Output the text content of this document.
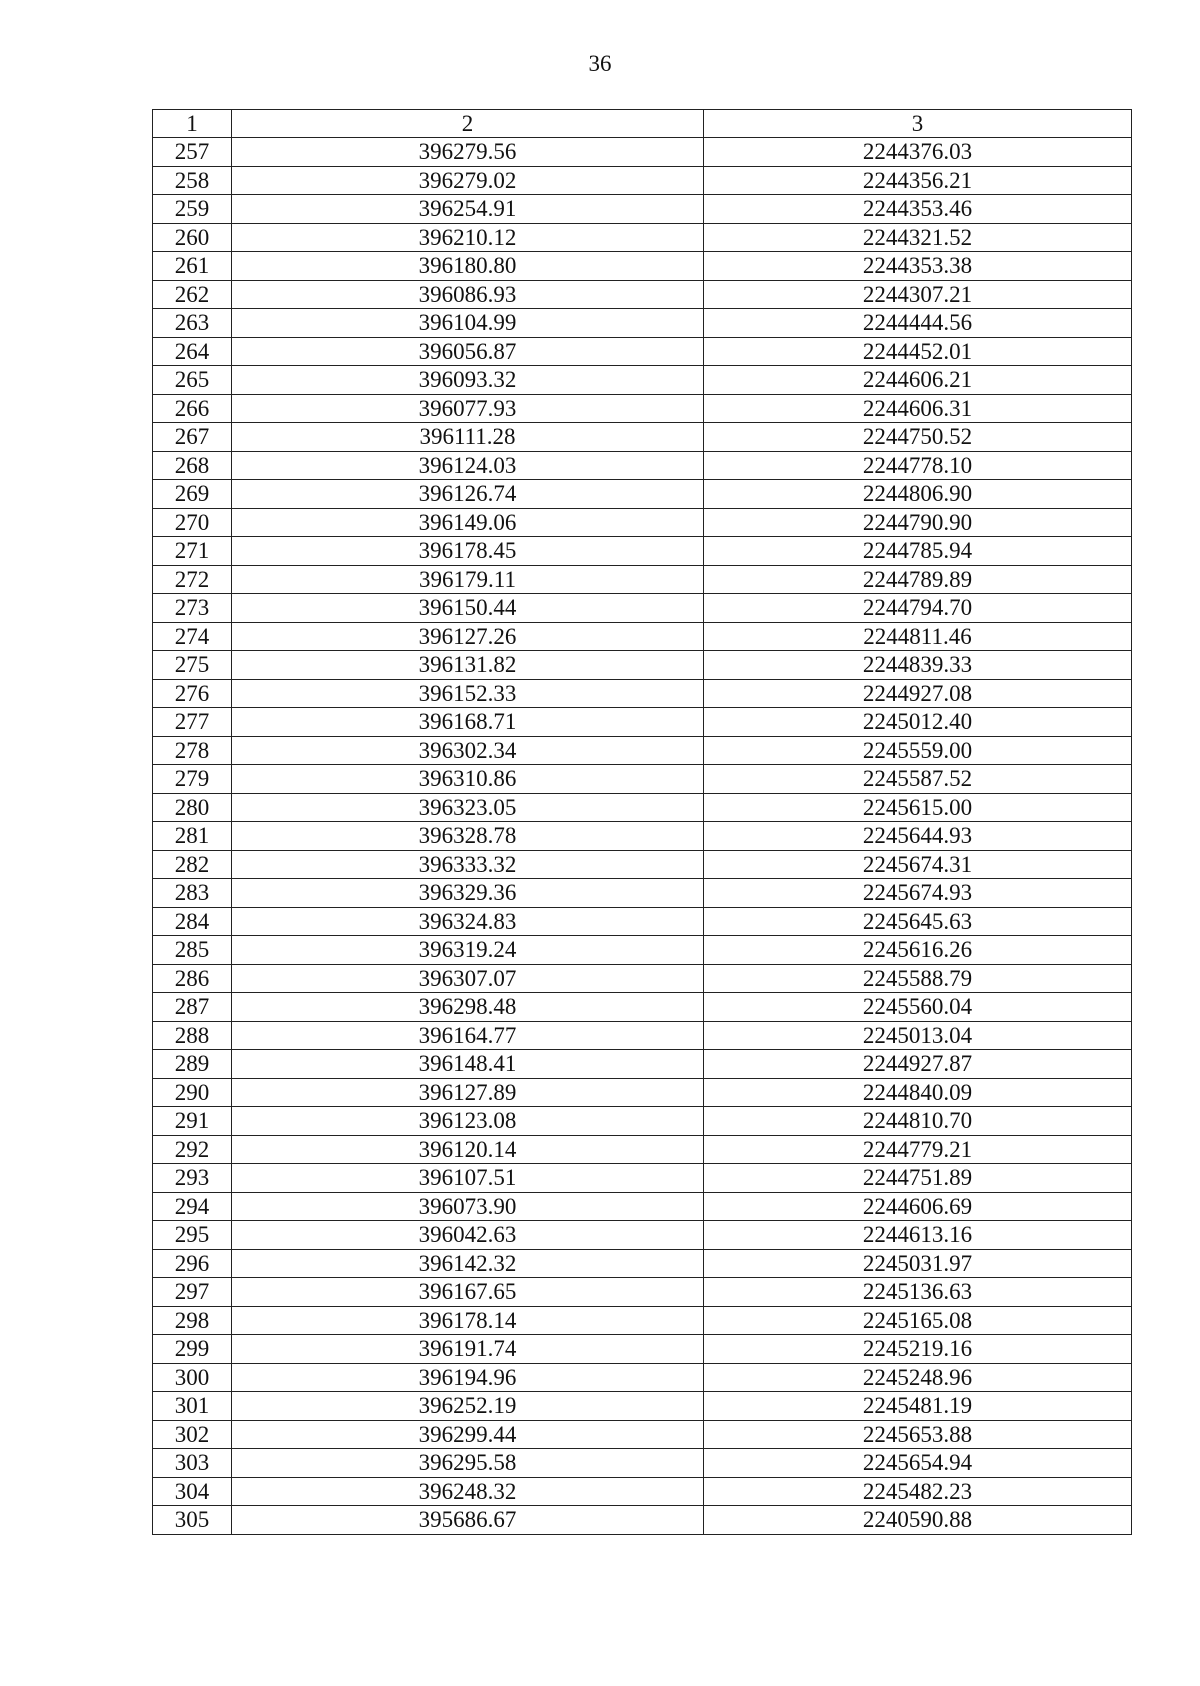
36
1	2	3
257	396279.56	2244376.03
258	396279.02	2244356.21
259	396254.91	2244353.46
260	396210.12	2244321.52
261	396180.80	2244353.38
262	396086.93	2244307.21
263	396104.99	2244444.56
264	396056.87	2244452.01
265	396093.32	2244606.21
266	396077.93	2244606.31
267	396111.28	2244750.52
268	396124.03	2244778.10
269	396126.74	2244806.90
270	396149.06	2244790.90
271	396178.45	2244785.94
272	396179.11	2244789.89
273	396150.44	2244794.70
274	396127.26	2244811.46
275	396131.82	2244839.33
276	396152.33	2244927.08
277	396168.71	2245012.40
278	396302.34	2245559.00
279	396310.86	2245587.52
280	396323.05	2245615.00
281	396328.78	2245644.93
282	396333.32	2245674.31
283	396329.36	2245674.93
284	396324.83	2245645.63
285	396319.24	2245616.26
286	396307.07	2245588.79
287	396298.48	2245560.04
288	396164.77	2245013.04
289	396148.41	2244927.87
290	396127.89	2244840.09
291	396123.08	2244810.70
292	396120.14	2244779.21
293	396107.51	2244751.89
294	396073.90	2244606.69
295	396042.63	2244613.16
296	396142.32	2245031.97
297	396167.65	2245136.63
298	396178.14	2245165.08
299	396191.74	2245219.16
300	396194.96	2245248.96
301	396252.19	2245481.19
302	396299.44	2245653.88
303	396295.58	2245654.94
304	396248.32	2245482.23
305	395686.67	2240590.88
